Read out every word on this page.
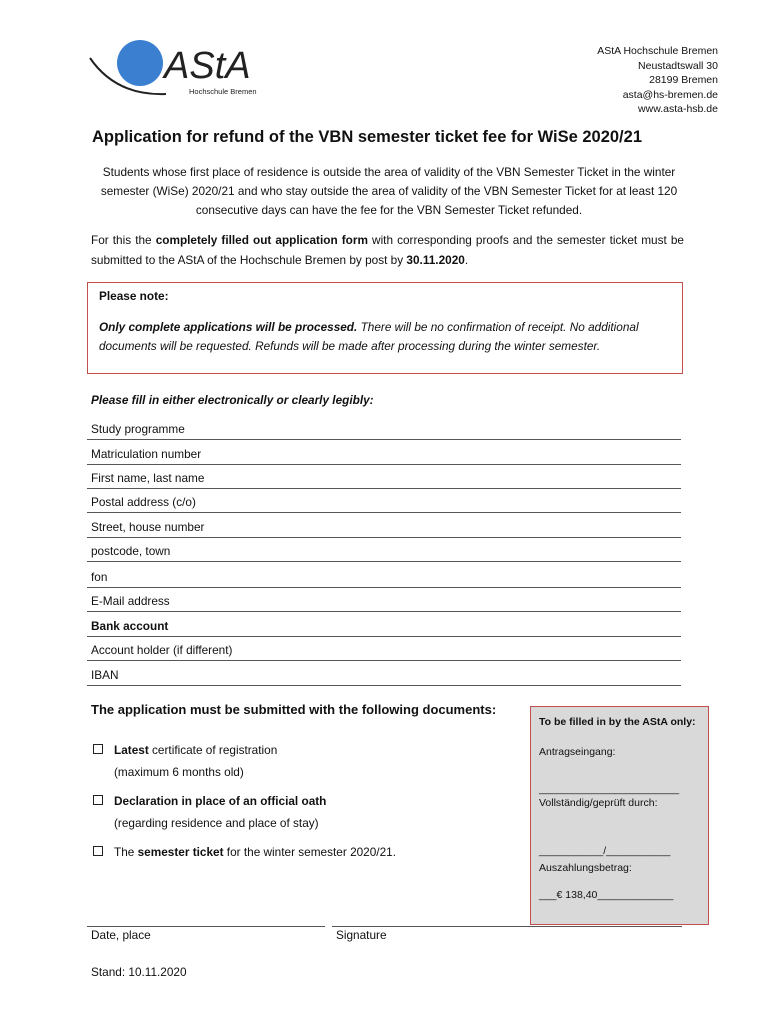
AStA
Hochschule Bremen
AStA Hochschule Bremen
Neustadtswall 30
28199 Bremen
asta@hs-bremen.de
www.asta-hsb.de
Application for refund of the VBN semester ticket fee for WiSe 2020/21
Students whose first place of residence is outside the area of validity of the VBN Semester Ticket in the winter semester (WiSe) 2020/21 and who stay outside the area of validity of the VBN Semester Ticket for at least 120 consecutive days can have the fee for the VBN Semester Ticket refunded.
For this the completely filled out application form with corresponding proofs and the semester ticket must be submitted to the AStA of the Hochschule Bremen by post by 30.11.2020.
Please note:
Only complete applications will be processed. There will be no confirmation of receipt. No additional documents will be requested. Refunds will be made after processing during the winter semester.
Please fill in either electronically or clearly legibly:
Study programme
Matriculation number
First name, last name
Postal address (c/o)
Street, house number
postcode, town
fon
E-Mail address
Bank account
Account holder (if different)
IBAN
The application must be submitted with the following documents:
Latest certificate of registration
(maximum 6 months old)
Declaration in place of an official oath
(regarding residence and place of stay)
The semester ticket for the winter semester 2020/21.
To be filled in by the AStA only:
Antragseingang:
________________________
Vollständig/geprüft durch:
___________/___________
Auszahlungsbetrag:
___€ 138,40_____________
Date, place	Signature
Stand: 10.11.2020
